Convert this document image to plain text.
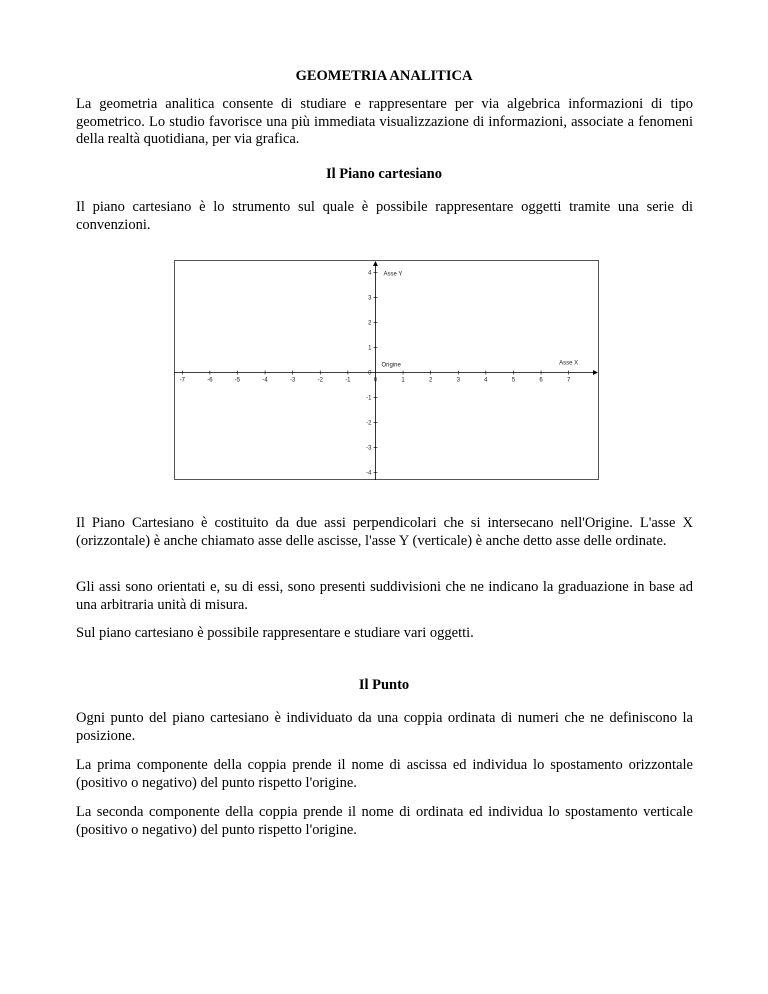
GEOMETRIA ANALITICA
La geometria analitica consente di studiare e rappresentare per via algebrica informazioni di tipo geometrico. Lo studio favorisce una più immediata visualizzazione di informazioni, associate a fenomeni della realtà quotidiana, per via grafica.
Il Piano cartesiano
Il piano cartesiano è lo strumento sul quale è possibile rappresentare oggetti tramite una serie di convenzioni.
-7	-6	-5	-4	-3	-2	-1	0	1	2	3	4	5	6	7
4
3
2
1
0
-1
-2
-3
-4
Asse Y
Asse X
Origine
Il Piano Cartesiano è costituito da due assi perpendicolari che si intersecano nell'Origine. L'asse X (orizzontale) è anche chiamato asse delle ascisse, l'asse Y (verticale) è anche detto asse delle ordinate.
Gli assi sono orientati e, su di essi, sono presenti suddivisioni che ne indicano la graduazione in base ad una arbitraria unità di misura.
Sul piano cartesiano è possibile rappresentare e studiare vari oggetti.
Il Punto
Ogni punto del piano cartesiano è individuato da una coppia ordinata di numeri che ne definiscono la posizione.
La prima componente della coppia prende il nome di ascissa ed individua lo spostamento orizzontale (positivo o negativo) del punto rispetto l'origine.
La seconda componente della coppia prende il nome di ordinata ed individua lo spostamento verticale (positivo o negativo) del punto rispetto l'origine.
